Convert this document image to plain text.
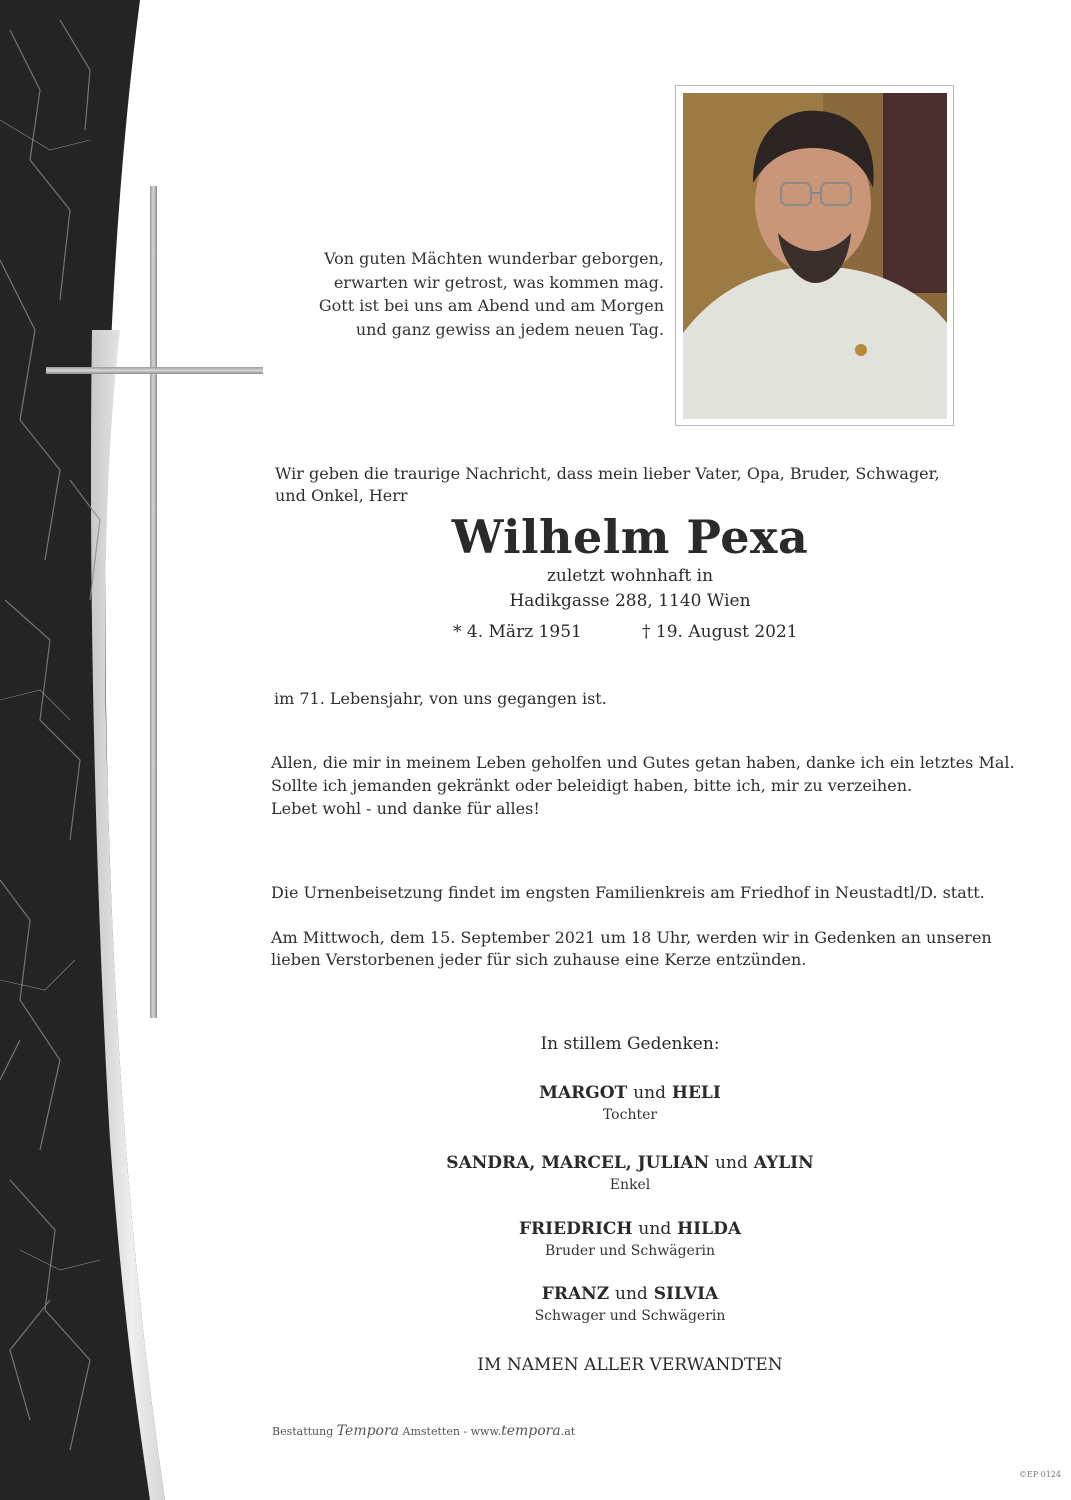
Von guten Mächten wunderbar geborgen,
erwarten wir getrost, was kommen mag.
Gott ist bei uns am Abend und am Morgen
und ganz gewiss an jedem neuen Tag.

Wir geben die traurige Nachricht, dass mein lieber Vater, Opa, Bruder, Schwager,

und Onkel, Herr

Wilhelm Pexa
zuletzt wohnhaft in
Hadikgasse 288, 1140 Wien
* 4. März 1951	† 19. August 2021

im 71. Lebensjahr, von uns gegangen ist.

Allen, die mir in meinem Leben geholfen und Gutes getan haben, danke ich ein letztes Mal.

Sollte ich jemanden gekränkt oder beleidigt haben, bitte ich, mir zu verzeihen.

Lebet wohl - und danke für alles!

Die Urnenbeisetzung findet im engsten Familienkreis am Friedhof in Neustadtl/D. statt.

Am Mittwoch, dem 15. September 2021 um 18 Uhr, werden wir in Gedenken an unseren

lieben Verstorbenen jeder für sich zuhause eine Kerze entzünden.

In stillem Gedenken:
MARGOT und HELI
Tochter
SANDRA, MARCEL, JULIAN und AYLIN
Enkel
FRIEDRICH und HILDA
Bruder und Schwägerin
FRANZ und SILVIA
Schwager und Schwägerin
IM NAMEN ALLER VERWANDTEN
Bestattung Tempora Amstetten - www.tempora.at
©EP 0124
